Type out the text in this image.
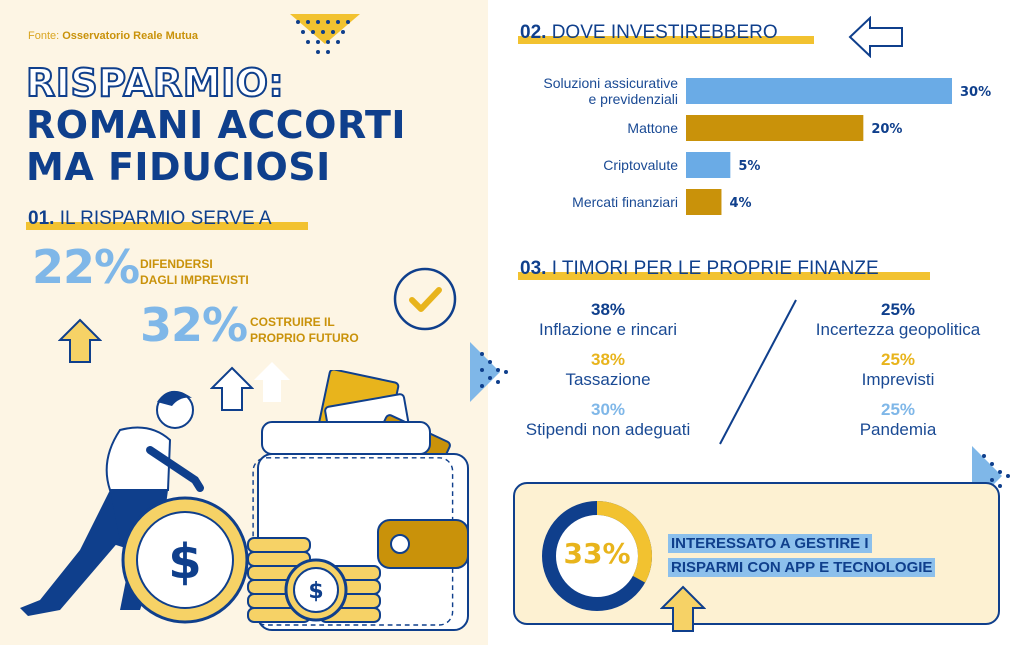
Fonte: Osservatorio Reale Mutua
RISPARMIO:
ROMANI ACCORTI
MA FIDUCIOSI
01. IL RISPARMIO SERVE A
22% DIFENDERSI
DAGLI IMPREVISTI
32% COSTRUIRE IL
PROPRIO FUTURO
$
$
02. DOVE INVESTIREBBERO
Soluzioni assicurative
e previdenziali	30%
Mattone	20%
Criptovalute	5%
Mercati finanziari	4%
03. I TIMORI PER LE PROPRIE FINANZE
38%
Inflazione e rincari
38%
Tassazione
30%
Stipendi non adeguati
25%
Incertezza geopolitica
25%
Imprevisti
25%
Pandemia
33%	INTERESSATO A GESTIRE I
RISPARMI CON APP E TECNOLOGIE
